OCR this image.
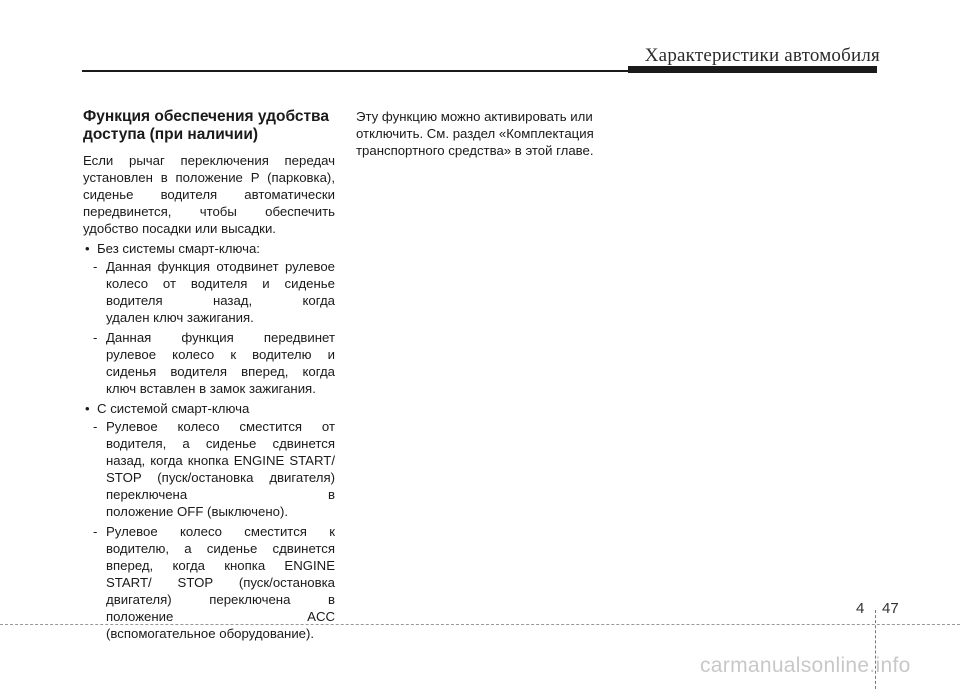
Характеристики автомобиля
Функция обеспечения удобства доступа (при наличии)
Если рычаг переключения передач установлен в положение P (парковка), сиденье водителя автоматически передвинется, чтобы обеспечить удобство посадки или высадки.
• Без системы смарт-ключа:
- Данная функция отодвинет рулевое колесо от водителя и сиденье водителя назад, когда
удален ключ зажигания.
- Данная функция передвинет рулевое колесо к водителю и сиденья водителя вперед, когда
ключ вставлен в замок зажигания.
• С системой смарт-ключа
- Рулевое колесо сместится от водителя, а сиденье сдвинется назад, когда кнопка ENGINE START/ STOP (пуск/остановка двигателя) переключена в
положение OFF (выключено).
- Рулевое колесо сместится к водителю, а сиденье сдвинется вперед, когда кнопка ENGINE START/ STOP (пуск/остановка двигателя) переключена в положение ACC
(вспомогательное оборудование).
Эту функцию можно активировать или отключить. См. раздел «Комплектация транспортного средства» в этой главе.
4 47
carmanualsonline.info
